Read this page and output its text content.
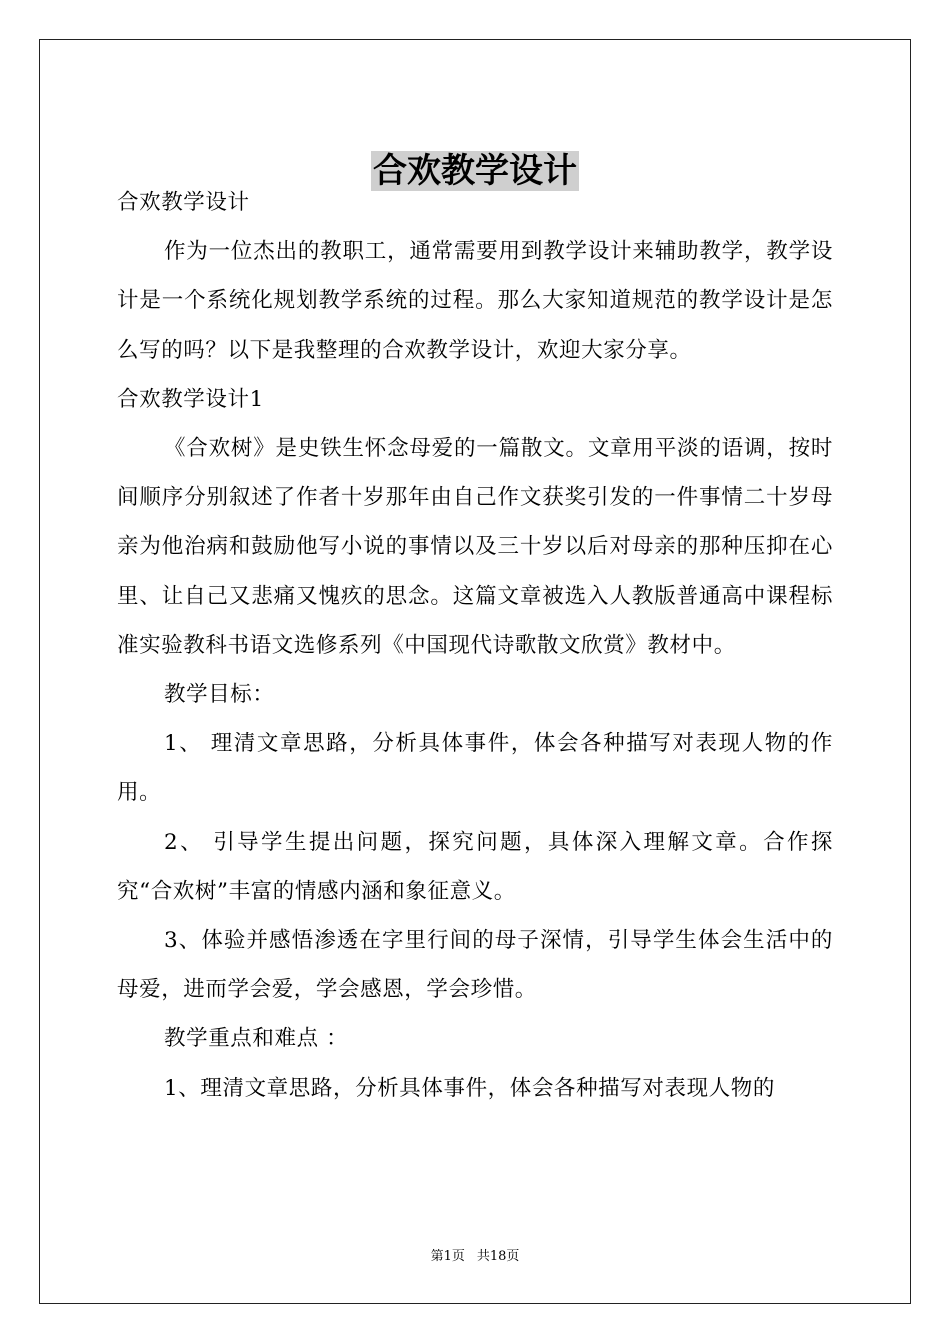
合欢教学设计

合欢教学设计

作为一位杰出的教职工，通常需要用到教学设计来辅助教学，教学设计是一个系统化规划教学系统的过程。那么大家知道规范的教学设计是怎么写的吗？以下是我整理的合欢教学设计，欢迎大家分享。

合欢教学设计1

《合欢树》是史铁生怀念母爱的一篇散文。文章用平淡的语调，按时间顺序分别叙述了作者十岁那年由自己作文获奖引发的一件事情二十岁母亲为他治病和鼓励他写小说的事情以及三十岁以后对母亲的那种压抑在心里、让自己又悲痛又愧疚的思念。这篇文章被选入人教版普通高中课程标准实验教科书语文选修系列《中国现代诗歌散文欣赏》教材中。

教学目标：

1、 理清文章思路，分析具体事件，体会各种描写对表现人物的作用。

2、 引导学生提出问题，探究问题，具体深入理解文章。合作探究“合欢树”丰富的情感内涵和象征意义。

3、体验并感悟渗透在字里行间的母子深情，引导学生体会生活中的母爱，进而学会爱，学会感恩，学会珍惜。

教学重点和难点 ：

1、理清文章思路，分析具体事件，体会各种描写对表现人物的

第1页 共18页
